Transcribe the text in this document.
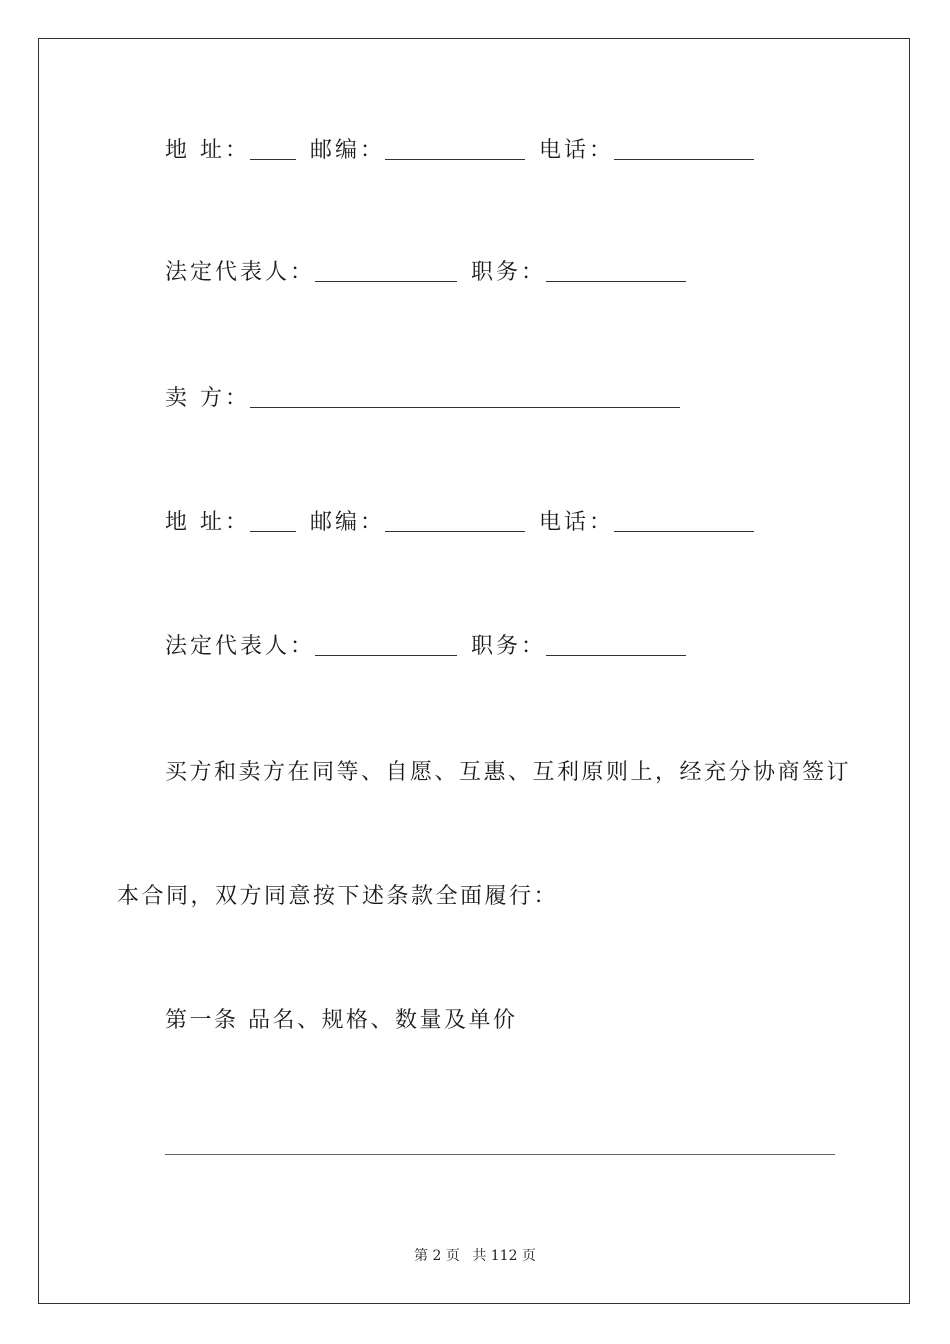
地 址：	邮编：	电话：
法定代表人：	职务：
卖 方：
地 址：	邮编：	电话：
法定代表人：	职务：
买方和卖方在同等、自愿、互惠、互利原则上，经充分协商签订
本合同，双方同意按下述条款全面履行：
第一条 品名、规格、数量及单价
第 2 页 共 112 页
